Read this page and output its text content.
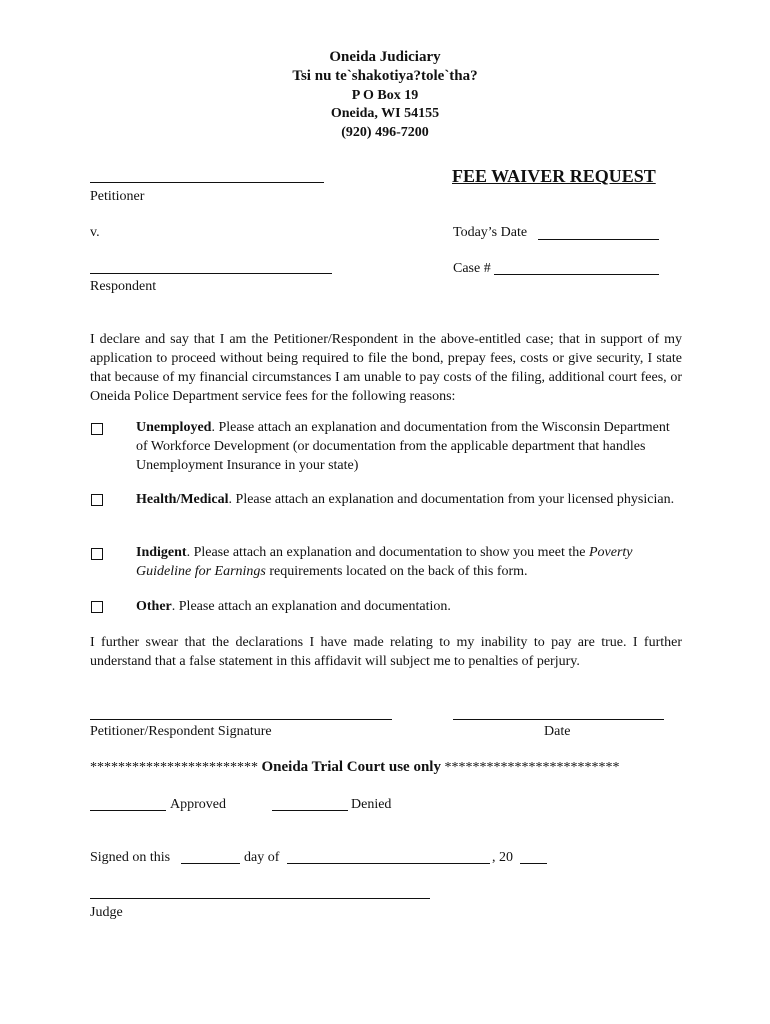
Oneida Judiciary
Tsi nu te`shakotiya?tole`tha?
P O Box 19
Oneida, WI 54155
(920) 496-7200
FEE WAIVER REQUEST
Petitioner
v.	Today’s Date
Respondent
Case #
I declare and say that I am the Petitioner/Respondent in the above-entitled case; that in support of my application to proceed without being required to file the bond, prepay fees, costs or give security, I state that because of my financial circumstances I am unable to pay costs of the filing, additional court fees, or Oneida Police Department service fees for the following reasons:
Unemployed. Please attach an explanation and documentation from the Wisconsin Department of Workforce Development (or documentation from the applicable department that handles Unemployment Insurance in your state)
Health/Medical. Please attach an explanation and documentation from your licensed physician.
Indigent. Please attach an explanation and documentation to show you meet the Poverty Guideline for Earnings requirements located on the back of this form.
Other. Please attach an explanation and documentation.
I further swear that the declarations I have made relating to my inability to pay are true. I further understand that a false statement in this affidavit will subject me to penalties of perjury.
Petitioner/Respondent Signature	Date
************************ Oneida Trial Court use only *************************
Approved	Denied
Signed on this	day of	, 20
Judge
